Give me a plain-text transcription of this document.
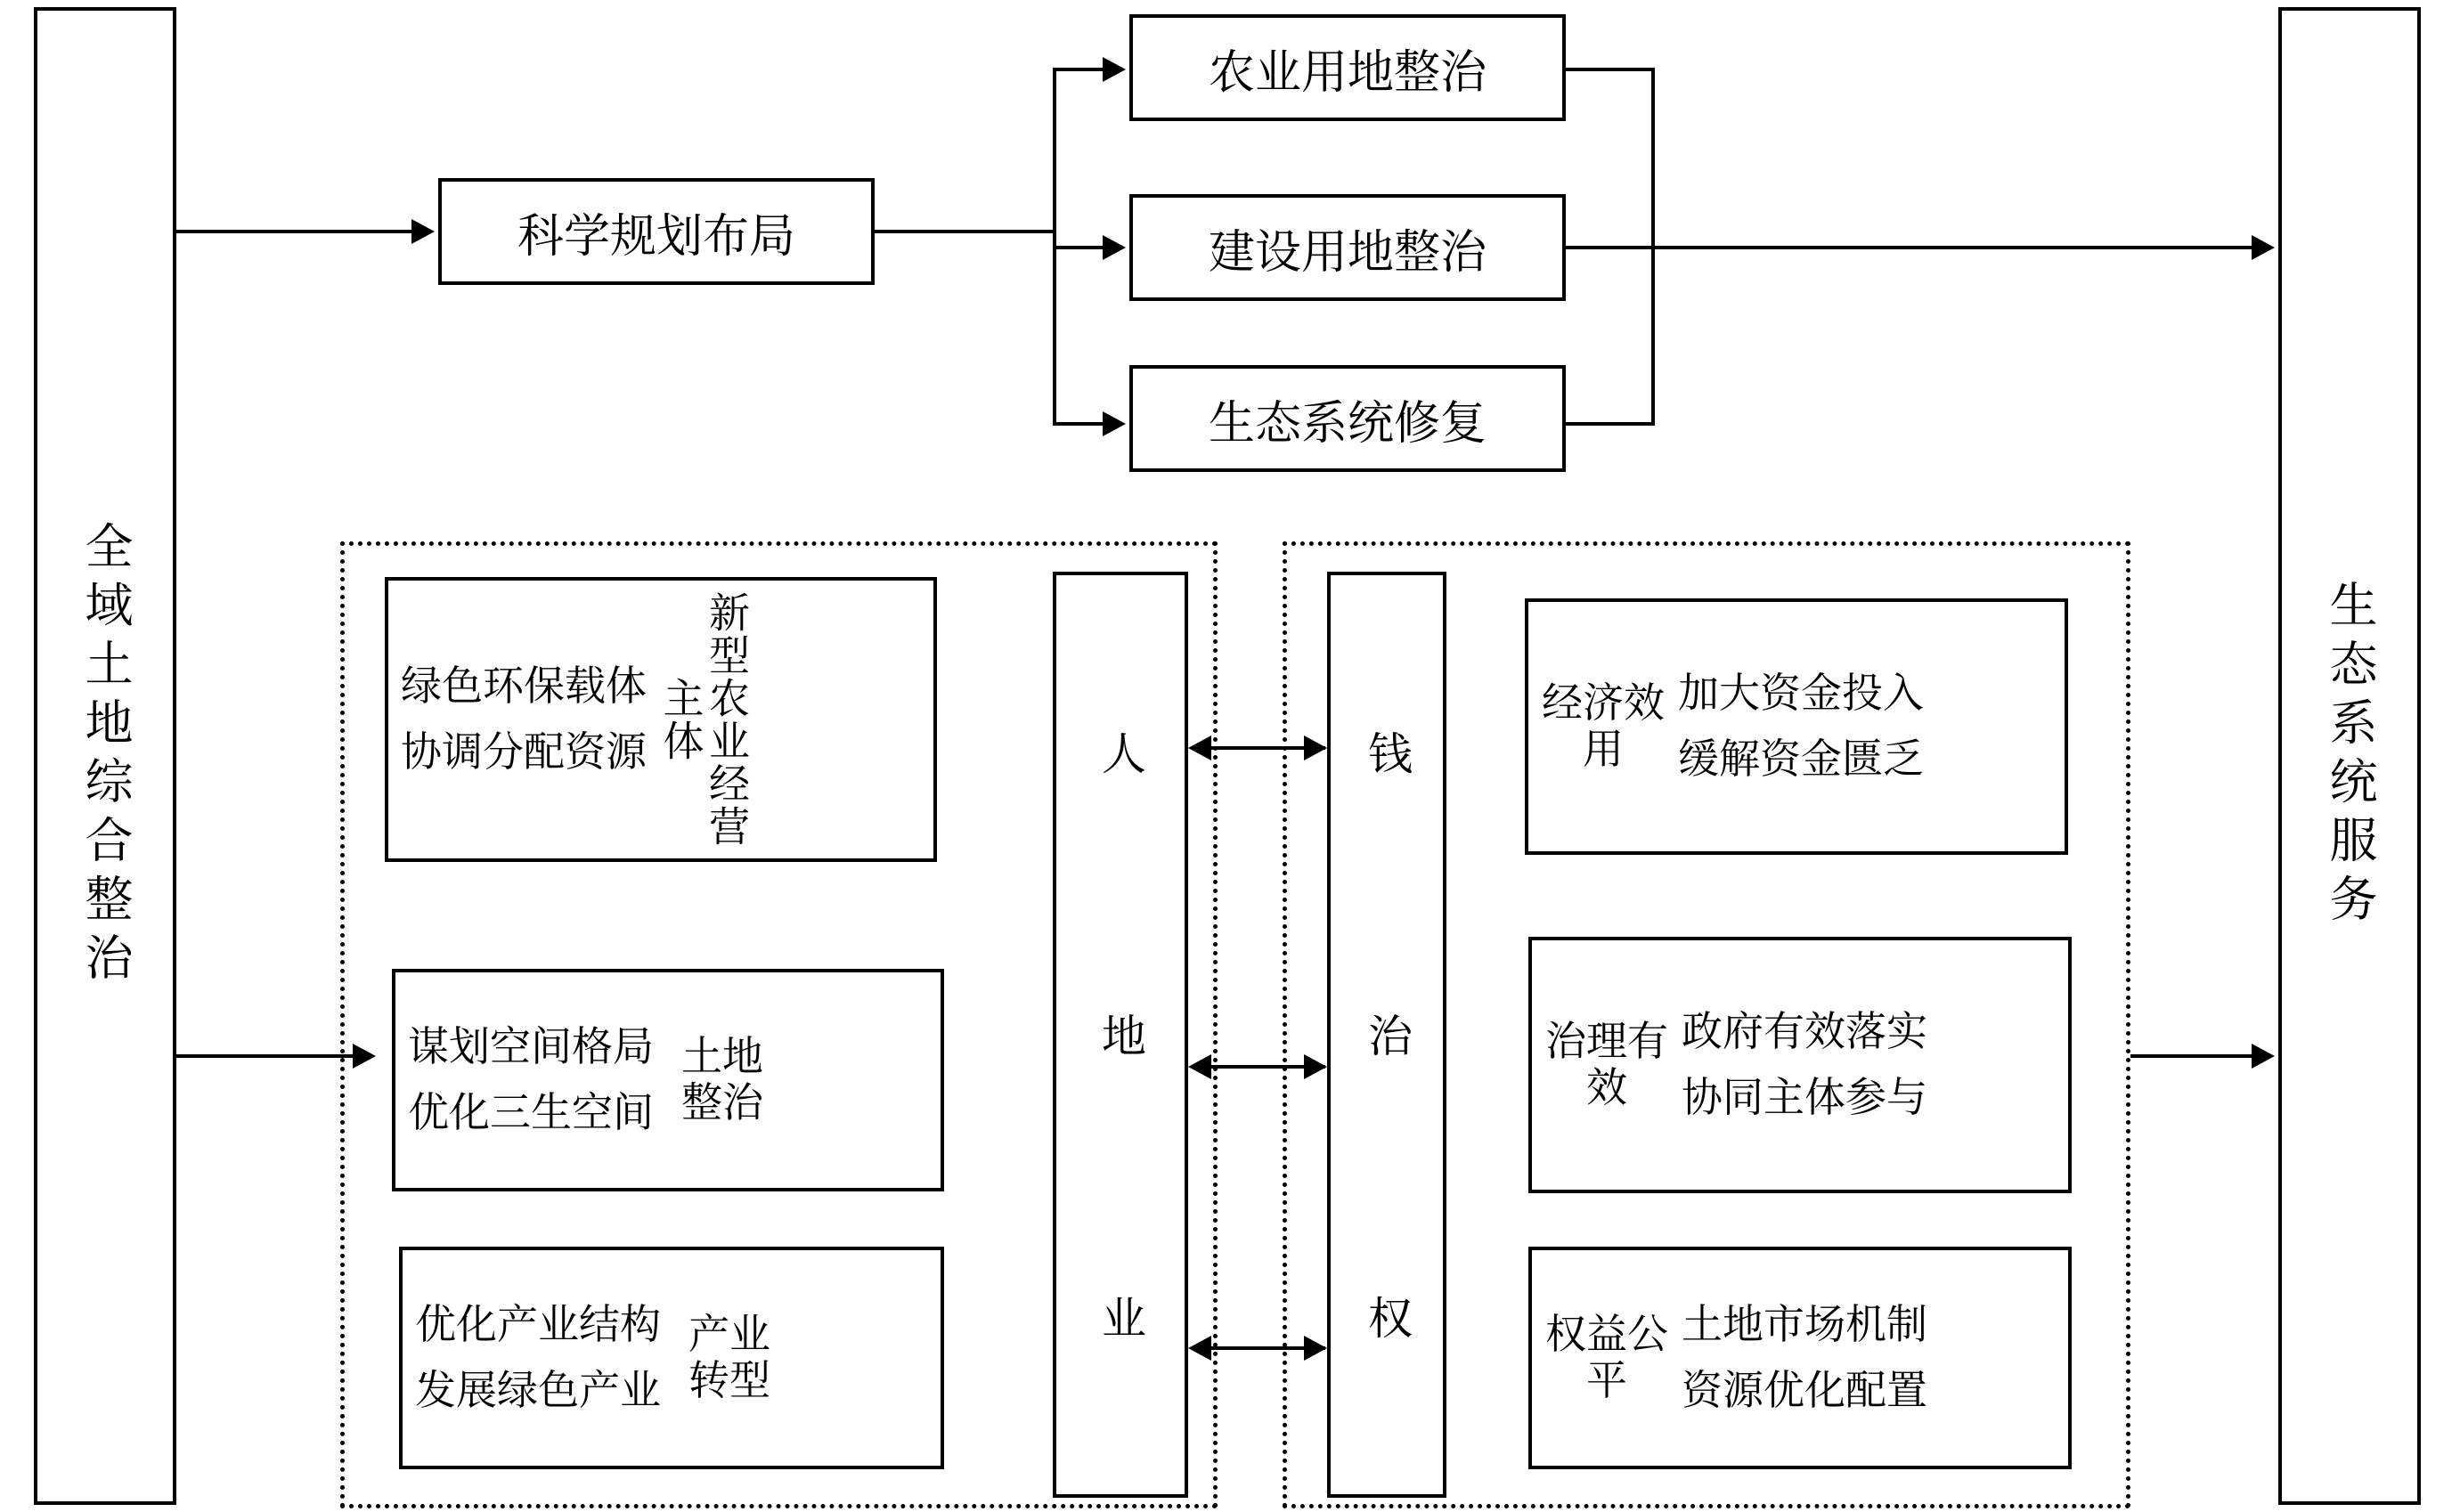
全域土地综合整治	生态系统服务
科学规划布局
农业用地整治
建设用地整治
生态系统修复
绿色环保载体
协调分配资源	新型农业经营主体
谋划空间格局
优化三生空间
土地整治
优化产业结构
发展绿色产业
产业转型
人
地
业
钱
治
权
经济效用
加大资金投入
缓解资金匮乏
治理有效
政府有效落实
协同主体参与
权益公平
土地市场机制
资源优化配置
